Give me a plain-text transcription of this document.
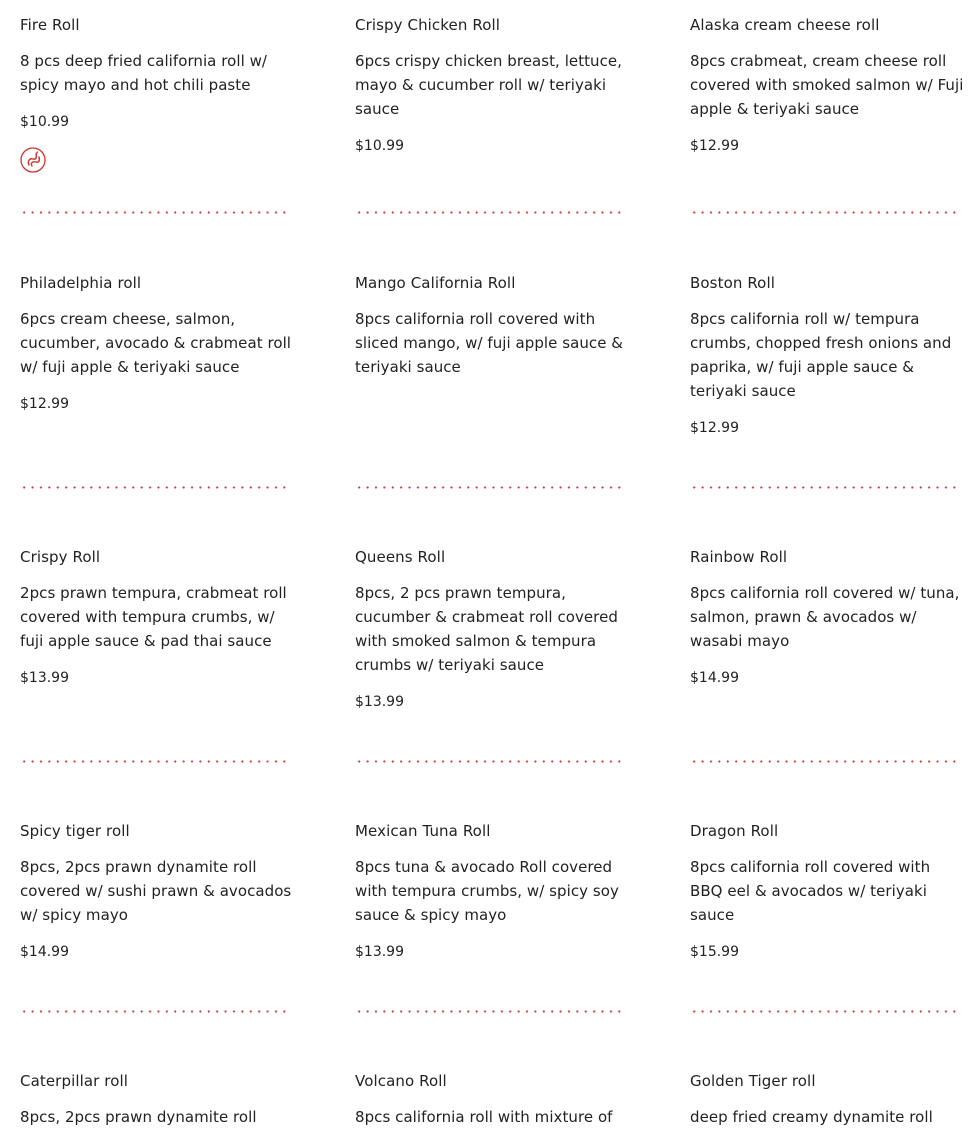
Fire Roll
8 pcs deep fried california roll w/ spicy mayo and hot chili paste
$10.99
Crispy Chicken Roll
6pcs crispy chicken breast, lettuce, mayo & cucumber roll w/ teriyaki sauce
$10.99
Alaska cream cheese roll
8pcs crabmeat, cream cheese roll covered with smoked salmon w/ Fuji apple & teriyaki sauce
$12.99
Philadelphia roll
6pcs cream cheese, salmon, cucumber, avocado & crabmeat roll w/ fuji apple & teriyaki sauce
$12.99
Mango California Roll
8pcs california roll covered with sliced mango, w/ fuji apple sauce & teriyaki sauce
Boston Roll
8pcs california roll w/ tempura crumbs, chopped fresh onions and paprika, w/ fuji apple sauce & teriyaki sauce
$12.99
Crispy Roll
2pcs prawn tempura, crabmeat roll covered with tempura crumbs, w/ fuji apple sauce & pad thai sauce
$13.99
Queens Roll
8pcs, 2 pcs prawn tempura, cucumber & crabmeat roll covered with smoked salmon & tempura crumbs w/ teriyaki sauce
$13.99
Rainbow Roll
8pcs california roll covered w/ tuna, salmon, prawn & avocados w/ wasabi mayo
$14.99
Spicy tiger roll
8pcs, 2pcs prawn dynamite roll covered w/ sushi prawn & avocados w/ spicy mayo
$14.99
Mexican Tuna Roll
8pcs tuna & avocado Roll covered with tempura crumbs, w/ spicy soy sauce & spicy mayo
$13.99
Dragon Roll
8pcs california roll covered with BBQ eel & avocados w/ teriyaki sauce
$15.99
Caterpillar roll
8pcs, 2pcs prawn dynamite roll
Volcano Roll
8pcs california roll with mixture of
Golden Tiger roll
deep fried creamy dynamite roll
